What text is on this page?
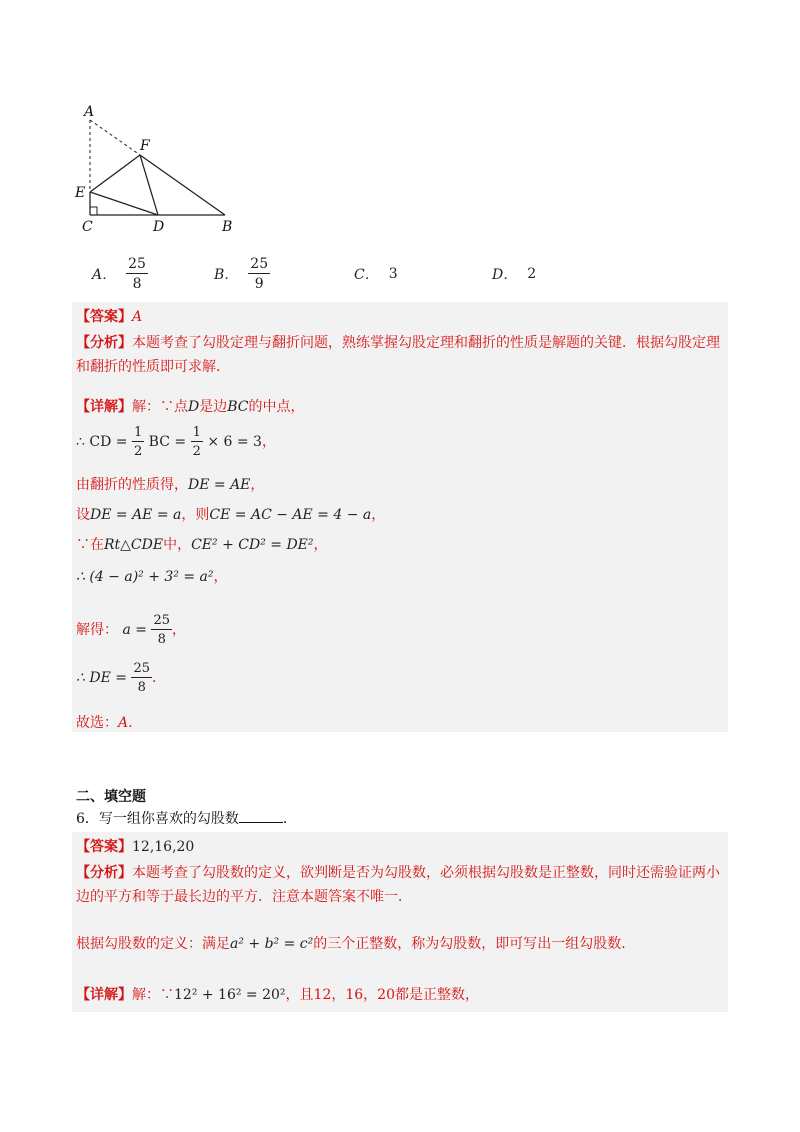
A
F
E
C	D	B
A． $\frac{25}{8}$	B． $\frac{25}{9}$	C． 3	D． 2
【答案】A
【分析】本题考查了勾股定理与翻折问题，熟练掌握勾股定理和翻折的性质是解题的关键．根据勾股定理和翻折的性质即可求解．
【详解】解：∵点D是边BC的中点，
∴ CD = $\frac{1}{2}$ BC = $\frac{1}{2} \times 6 = 3$，
由翻折的性质得，DE = AE，
设DE = AE = a，则CE = AC − AE = 4 − a，
∵在Rt△CDE中，CE² + CD² = DE²，
∴ (4 − a)² + 3² = a²，
解得： $a = \frac{25}{8}$ ，
∴ DE = $\frac{25}{8}$ ．
故选：A．
二、填空题
6．写一组你喜欢的勾股数	．
【答案】12,16,20
【分析】本题考查了勾股数的定义，欲判断是否为勾股数，必须根据勾股数是正整数，同时还需验证两小边的平方和等于最长边的平方．注意本题答案不唯一．
根据勾股数的定义：满足a² + b² = c²的三个正整数，称为勾股数，即可写出一组勾股数．
【详解】解：∵12² + 16² = 20²，且12，16，20都是正整数，
